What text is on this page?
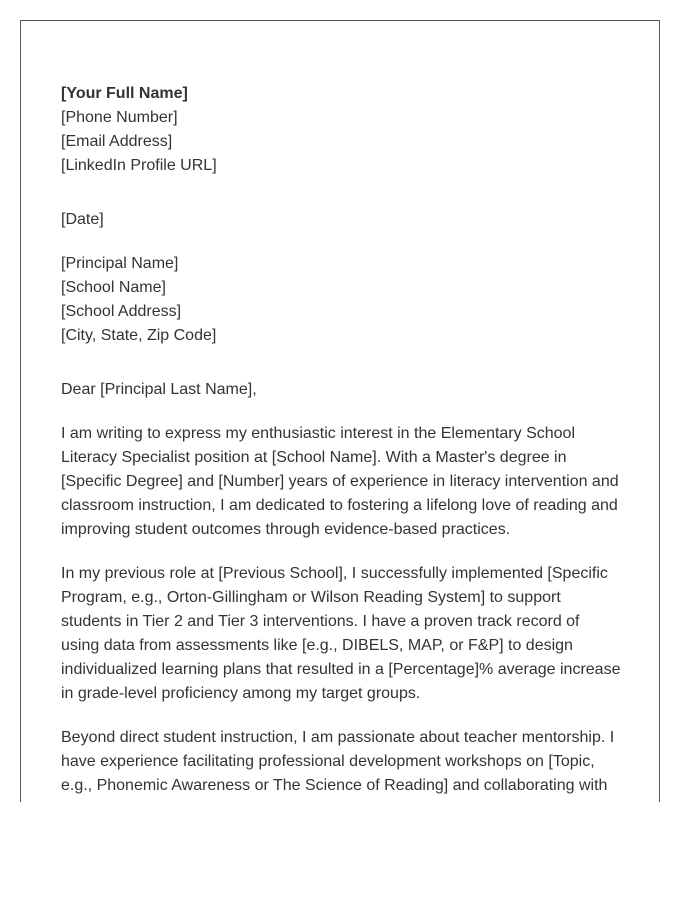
[Your Full Name]
[Phone Number]
[Email Address]
[LinkedIn Profile URL]
[Date]
[Principal Name]
[School Name]
[School Address]
[City, State, Zip Code]
Dear [Principal Last Name],
I am writing to express my enthusiastic interest in the Elementary School
Literacy Specialist position at [School Name]. With a Master's degree in
[Specific Degree] and [Number] years of experience in literacy intervention and
classroom instruction, I am dedicated to fostering a lifelong love of reading and
improving student outcomes through evidence-based practices.
In my previous role at [Previous School], I successfully implemented [Specific
Program, e.g., Orton-Gillingham or Wilson Reading System] to support
students in Tier 2 and Tier 3 interventions. I have a proven track record of
using data from assessments like [e.g., DIBELS, MAP, or F&P] to design
individualized learning plans that resulted in a [Percentage]% average increase
in grade-level proficiency among my target groups.
Beyond direct student instruction, I am passionate about teacher mentorship. I
have experience facilitating professional development workshops on [Topic,
e.g., Phonemic Awareness or The Science of Reading] and collaborating with
